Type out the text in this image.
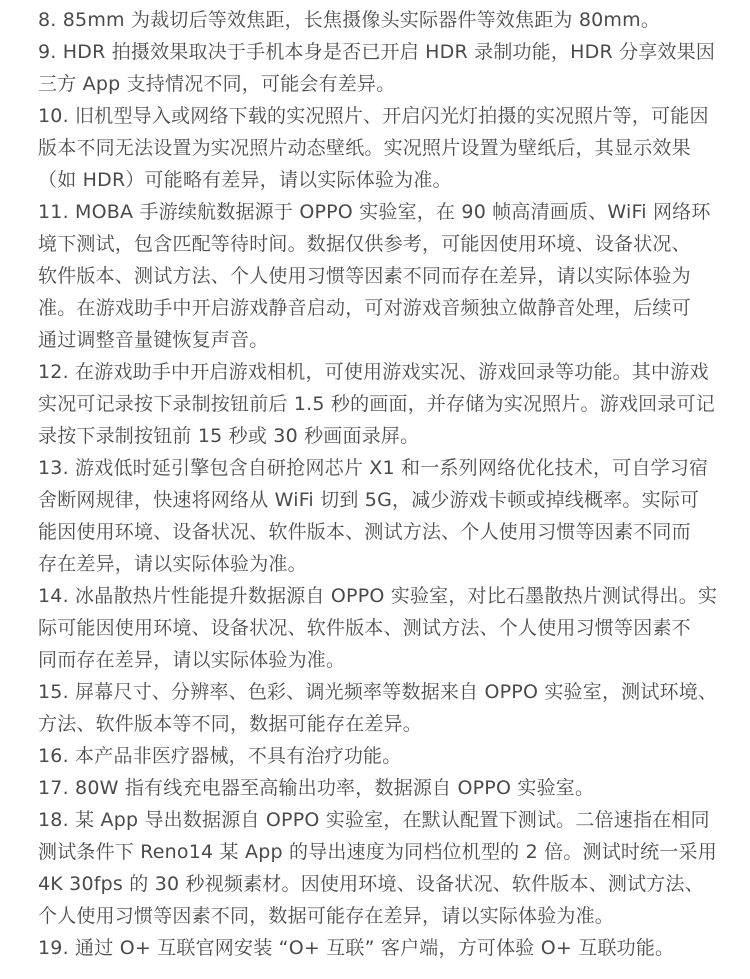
8. 85mm 为裁切后等效焦距，长焦摄像头实际器件等效焦距为 80mm。
9. HDR 拍摄效果取决于手机本身是否已开启 HDR 录制功能，HDR 分享效果因
三方 App 支持情况不同，可能会有差异。
10. 旧机型导入或网络下载的实况照片、开启闪光灯拍摄的实况照片等，可能因
版本不同无法设置为实况照片动态壁纸。实况照片设置为壁纸后，其显示效果
（如 HDR）可能略有差异，请以实际体验为准。
11. MOBA 手游续航数据源于 OPPO 实验室，在 90 帧高清画质、WiFi 网络环
境下测试，包含匹配等待时间。数据仅供参考，可能因使用环境、设备状况、
软件版本、测试方法、个人使用习惯等因素不同而存在差异，请以实际体验为
准。在游戏助手中开启游戏静音启动，可对游戏音频独立做静音处理，后续可
通过调整音量键恢复声音。
12. 在游戏助手中开启游戏相机，可使用游戏实况、游戏回录等功能。其中游戏
实况可记录按下录制按钮前后 1.5 秒的画面，并存储为实况照片。游戏回录可记
录按下录制按钮前 15 秒或 30 秒画面录屏。
13. 游戏低时延引擎包含自研抢网芯片 X1 和一系列网络优化技术，可自学习宿
舍断网规律，快速将网络从 WiFi 切到 5G，减少游戏卡顿或掉线概率。实际可
能因使用环境、设备状况、软件版本、测试方法、个人使用习惯等因素不同而
存在差异，请以实际体验为准。
14. 冰晶散热片性能提升数据源自 OPPO 实验室，对比石墨散热片测试得出。实
际可能因使用环境、设备状况、软件版本、测试方法、个人使用习惯等因素不
同而存在差异，请以实际体验为准。
15. 屏幕尺寸、分辨率、色彩、调光频率等数据来自 OPPO 实验室，测试环境、
方法、软件版本等不同，数据可能存在差异。
16. 本产品非医疗器械，不具有治疗功能。
17. 80W 指有线充电器至高输出功率，数据源自 OPPO 实验室。
18. 某 App 导出数据源自 OPPO 实验室，在默认配置下测试。二倍速指在相同
测试条件下 Reno14 某 App 的导出速度为同档位机型的 2 倍。测试时统一采用
4K 30fps 的 30 秒视频素材。因使用环境、设备状况、软件版本、测试方法、
个人使用习惯等因素不同，数据可能存在差异，请以实际体验为准。
19. 通过 O+ 互联官网安装 “O+ 互联” 客户端，方可体验 O+ 互联功能。
